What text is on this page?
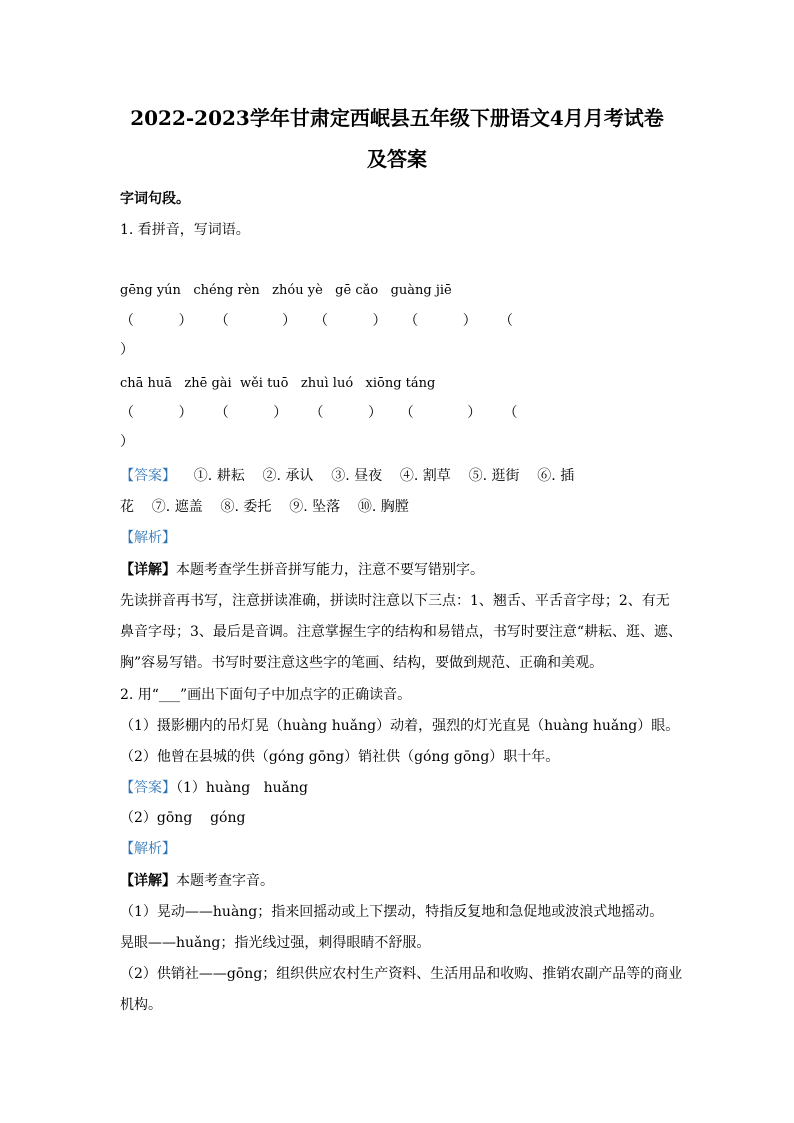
2022-2023学年甘肃定西岷县五年级下册语文4月月考试卷
及答案
字词句段。
1. 看拼音，写词语。
gēng yún   chéng rèn   zhóu yè   gē cǎo   guàng jiē
（          ）     （            ）    （          ）    （          ）     （
）
chā huā   zhē gài  wěi tuō   zhuì luó   xiōng táng
（          ）     （          ）     （          ）    （            ）     （
）
【答案】    ①. 耕耘    ②. 承认    ③. 昼夜    ④. 割草    ⑤. 逛街    ⑥. 插
花    ⑦. 遮盖    ⑧. 委托    ⑨. 坠落    ⑩. 胸膛
【解析】
【详解】本题考查学生拼音拼写能力，注意不要写错别字。
先读拼音再书写，注意拼读准确，拼读时注意以下三点：1、翘舌、平舌音字母；2、有无
鼻音字母；3、最后是音调。注意掌握生字的结构和易错点，书写时要注意“耕耘、逛、遮、
胸”容易写错。书写时要注意这些字的笔画、结构，要做到规范、正确和美观。
2. 用“___”画出下面句子中加点字的正确读音。
（1）摄影棚内的吊灯晃（huàng huǎng）动着，强烈的灯光直晃（huàng huǎng）眼。
（2）他曾在县城的供（góng gōng）销社供（góng gōng）职十年。
【答案】（1）huàng   huǎng
（2）gōng    góng
【解析】
【详解】本题考查字音。
（1）晃动——huàng；指来回摇动或上下摆动，特指反复地和急促地或波浪式地摇动。
晃眼——huǎng；指光线过强，刺得眼睛不舒服。
（2）供销社——gōng；组织供应农村生产资料、生活用品和收购、推销农副产品等的商业
机构。
